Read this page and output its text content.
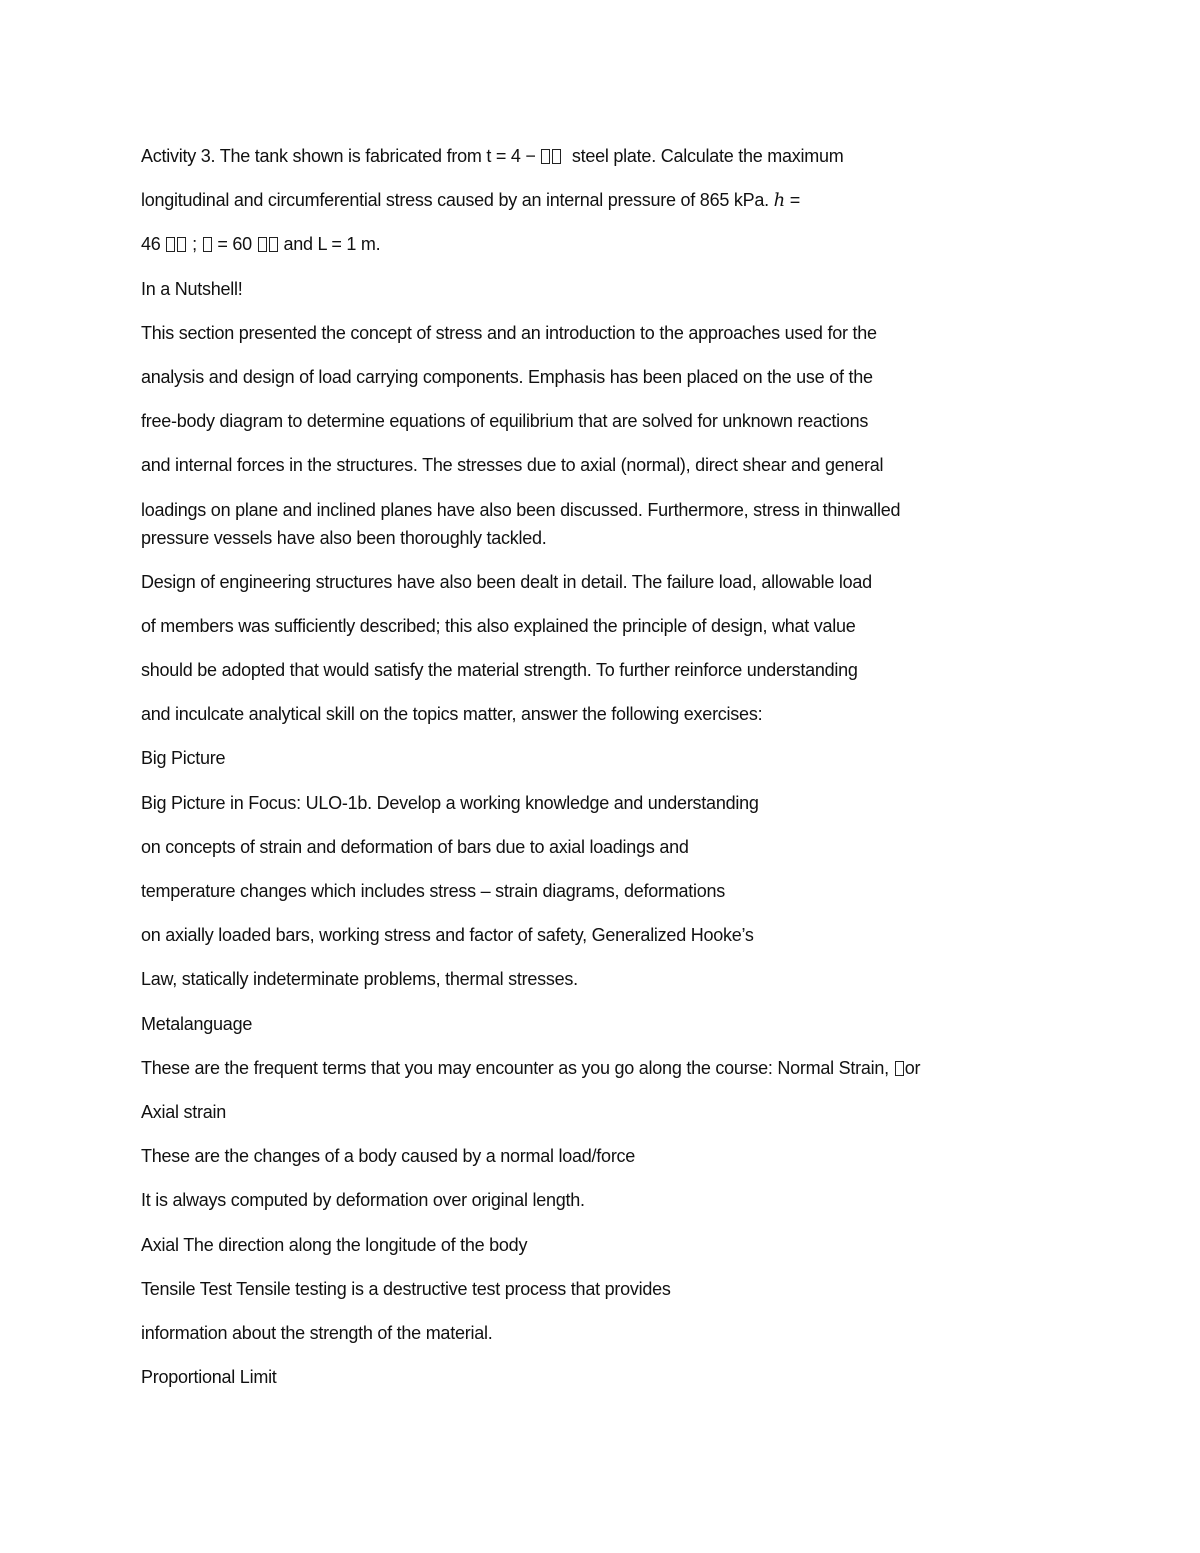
Activity 3. The tank shown is fabricated from t = 4 − steel plate. Calculate the maximum
longitudinal and circumferential stress caused by an internal pressure of 865 kPa. ℎ =
46 ; = 60 and L = 1 m.
In a Nutshell!
This section presented the concept of stress and an introduction to the approaches used for the
analysis and design of load carrying components. Emphasis has been placed on the use of the
free-body diagram to determine equations of equilibrium that are solved for unknown reactions
and internal forces in the structures. The stresses due to axial (normal), direct shear and general
loadings on plane and inclined planes have also been discussed. Furthermore, stress in thinwalled
pressure vessels have also been thoroughly tackled.
Design of engineering structures have also been dealt in detail. The failure load, allowable load
of members was sufficiently described; this also explained the principle of design, what value
should be adopted that would satisfy the material strength. To further reinforce understanding
and inculcate analytical skill on the topics matter, answer the following exercises:
Big Picture
Big Picture in Focus: ULO-1b. Develop a working knowledge and understanding
on concepts of strain and deformation of bars due to axial loadings and
temperature changes which includes stress – strain diagrams, deformations
on axially loaded bars, working stress and factor of safety, Generalized Hooke’s
Law, statically indeterminate problems, thermal stresses.
Metalanguage
These are the frequent terms that you may encounter as you go along the course: Normal Strain, or
Axial strain
These are the changes of a body caused by a normal load/force
It is always computed by deformation over original length.
Axial The direction along the longitude of the body
Tensile Test Tensile testing is a destructive test process that provides
information about the strength of the material.
Proportional Limit
